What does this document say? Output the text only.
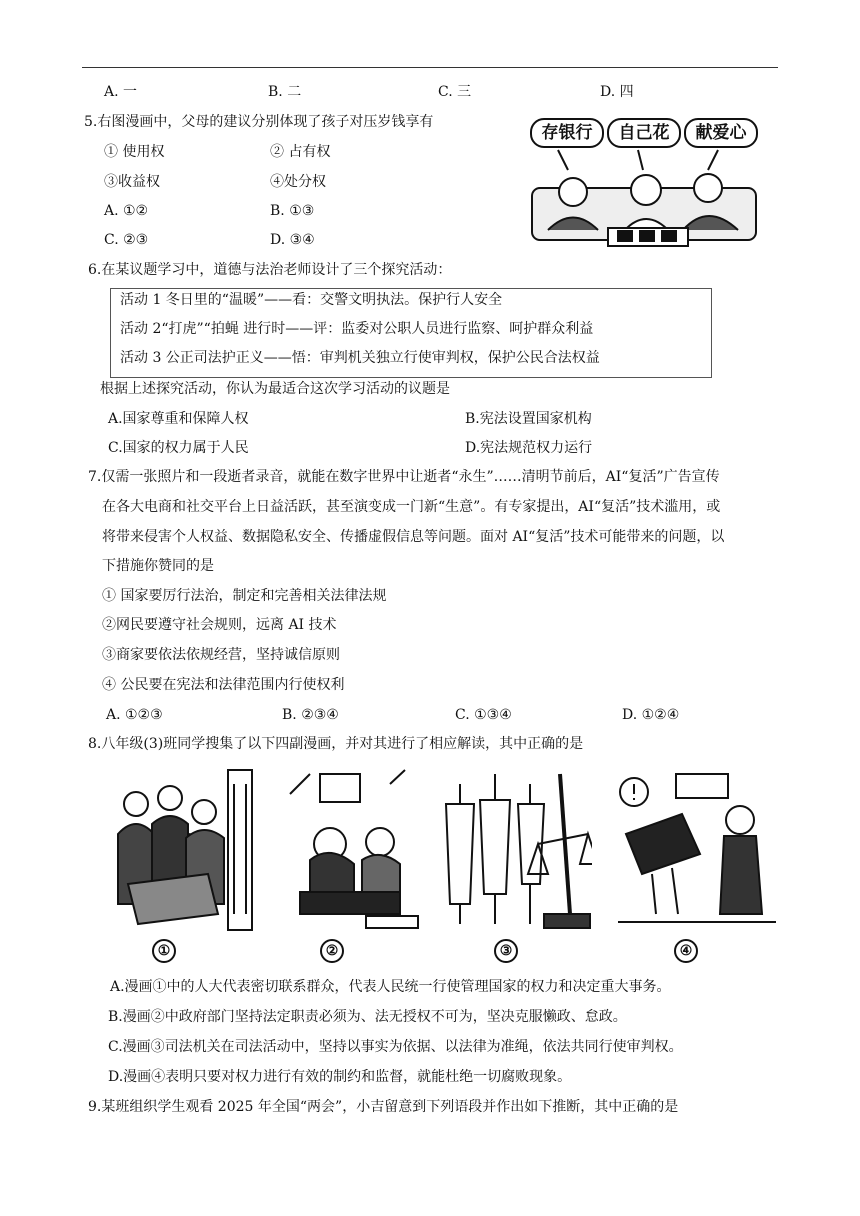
A. 一	B. 二	C. 三	D. 四
5.右图漫画中，父母的建议分别体现了孩子对压岁钱享有
① 使用权	② 占有权
③收益权	④处分权
A. ①②	B. ①③
C. ②③	D. ③④
存银行	自己花	献爱心
6.在某议题学习中，道德与法治老师设计了三个探究活动：
活动 1 冬日里的“温暖”——看：交警文明执法。保护行人安全
活动 2“打虎”“拍蝇 进行时——评：监委对公职人员进行监察、呵护群众利益
活动 3 公正司法护正义——悟：审判机关独立行使审判权，保护公民合法权益
根据上述探究活动，你认为最适合这次学习活动的议题是
A.国家尊重和保障人权	B.宪法设置国家机构
C.国家的权力属于人民	D.宪法规范权力运行
7.仅需一张照片和一段逝者录音，就能在数字世界中让逝者“永生”……清明节前后，AI“复活”广告宣传
在各大电商和社交平台上日益活跃，甚至演变成一门新“生意”。有专家提出，AI“复活”技术滥用，或
将带来侵害个人权益、数据隐私安全、传播虚假信息等问题。面对 AI“复活”技术可能带来的问题，以
下措施你赞同的是
① 国家要厉行法治，制定和完善相关法律法规
②网民要遵守社会规则，远离 AI 技术
③商家要依法依规经营，坚持诚信原则
④ 公民要在宪法和法律范围内行使权利
A. ①②③	B. ②③④	C. ①③④	D. ①②④
8.八年级(3)班同学搜集了以下四副漫画，并对其进行了相应解读，其中正确的是
①	②	③	④
A.漫画①中的人大代表密切联系群众，代表人民统一行使管理国家的权力和决定重大事务。
B.漫画②中政府部门坚持法定职责必须为、法无授权不可为，坚决克服懒政、怠政。
C.漫画③司法机关在司法活动中，坚持以事实为依据、以法律为准绳，依法共同行使审判权。
D.漫画④表明只要对权力进行有效的制约和监督，就能杜绝一切腐败现象。
9.某班组织学生观看 2025 年全国“两会”，小吉留意到下列语段并作出如下推断，其中正确的是
